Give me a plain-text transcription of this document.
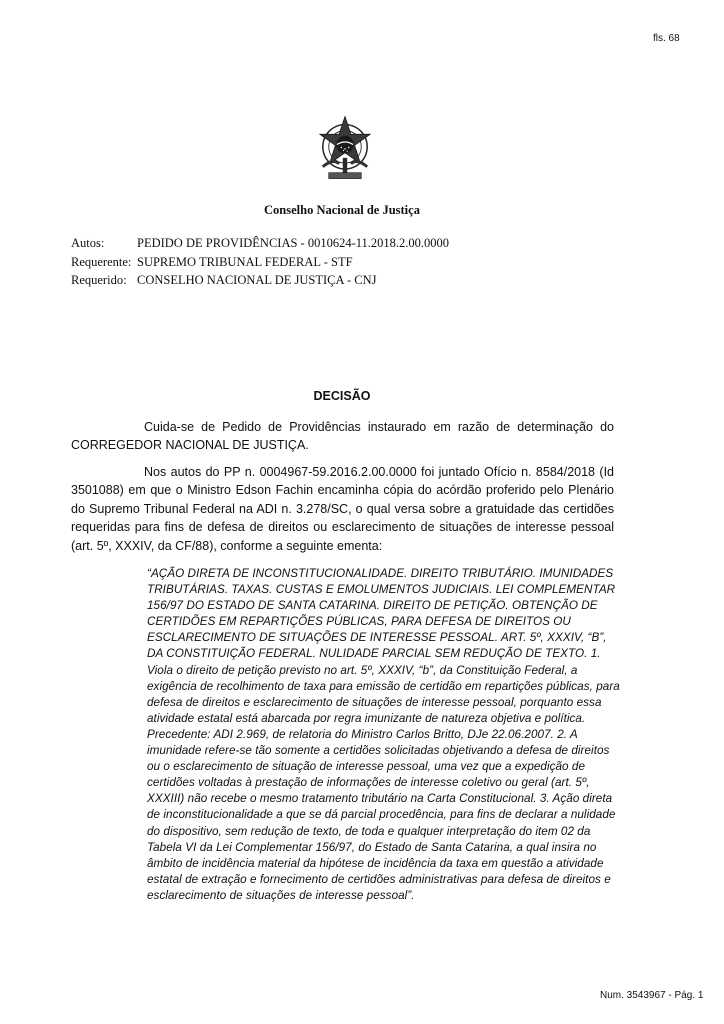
fls. 68
Conselho Nacional de Justiça
Autos:	PEDIDO DE PROVIDÊNCIAS - 0010624-11.2018.2.00.0000
Requerente: SUPREMO TRIBUNAL FEDERAL - STF
Requerido: CONSELHO NACIONAL DE JUSTIÇA - CNJ
DECISÃO
Cuida-se de Pedido de Providências instaurado em razão de determinação do CORREGEDOR NACIONAL DE JUSTIÇA.
Nos autos do PP n. 0004967-59.2016.2.00.0000 foi juntado Ofício n. 8584/2018 (Id 3501088) em que o Ministro Edson Fachin encaminha cópia do acórdão proferido pelo Plenário do Supremo Tribunal Federal na ADI n. 3.278/SC, o qual versa sobre a gratuidade das certidões requeridas para fins de defesa de direitos ou esclarecimento de situações de interesse pessoal (art. 5º, XXXIV, da CF/88), conforme a seguinte ementa:
“AÇÃO DIRETA DE INCONSTITUCIONALIDADE. DIREITO TRIBUTÁRIO. IMUNIDADES TRIBUTÁRIAS. TAXAS. CUSTAS E EMOLUMENTOS JUDICIAIS. LEI COMPLEMENTAR 156/97 DO ESTADO DE SANTA CATARINA. DIREITO DE PETIÇÃO. OBTENÇÃO DE CERTIDÕES EM REPARTIÇÕES PÚBLICAS, PARA DEFESA DE DIREITOS OU ESCLARECIMENTO DE SITUAÇÕES DE INTERESSE PESSOAL. ART. 5º, XXXIV, “B”, DA CONSTITUIÇÃO FEDERAL. NULIDADE PARCIAL SEM REDUÇÃO DE TEXTO. 1. Viola o direito de petição previsto no art. 5º, XXXIV, “b”, da Constituição Federal, a exigência de recolhimento de taxa para emissão de certidão em repartições públicas, para defesa de direitos e esclarecimento de situações de interesse pessoal, porquanto essa atividade estatal está abarcada por regra imunizante de natureza objetiva e política. Precedente: ADI 2.969, de relatoria do Ministro Carlos Britto, DJe 22.06.2007. 2. A imunidade refere-se tão somente a certidões solicitadas objetivando a defesa de direitos ou o esclarecimento de situação de interesse pessoal, uma vez que a expedição de certidões voltadas à prestação de informações de interesse coletivo ou geral (art. 5º, XXXIII) não recebe o mesmo tratamento tributário na Carta Constitucional. 3. Ação direta de inconstitucionalidade a que se dá parcial procedência, para fins de declarar a nulidade do dispositivo, sem redução de texto, de toda e qualquer interpretação do item 02 da Tabela VI da Lei Complementar 156/97, do Estado de Santa Catarina, a qual insira no âmbito de incidência material da hipótese de incidência da taxa em questão a atividade estatal de extração e fornecimento de certidões administrativas para defesa de direitos e esclarecimento de situações de interesse pessoal”.
Num. 3543967 - Pág. 1
